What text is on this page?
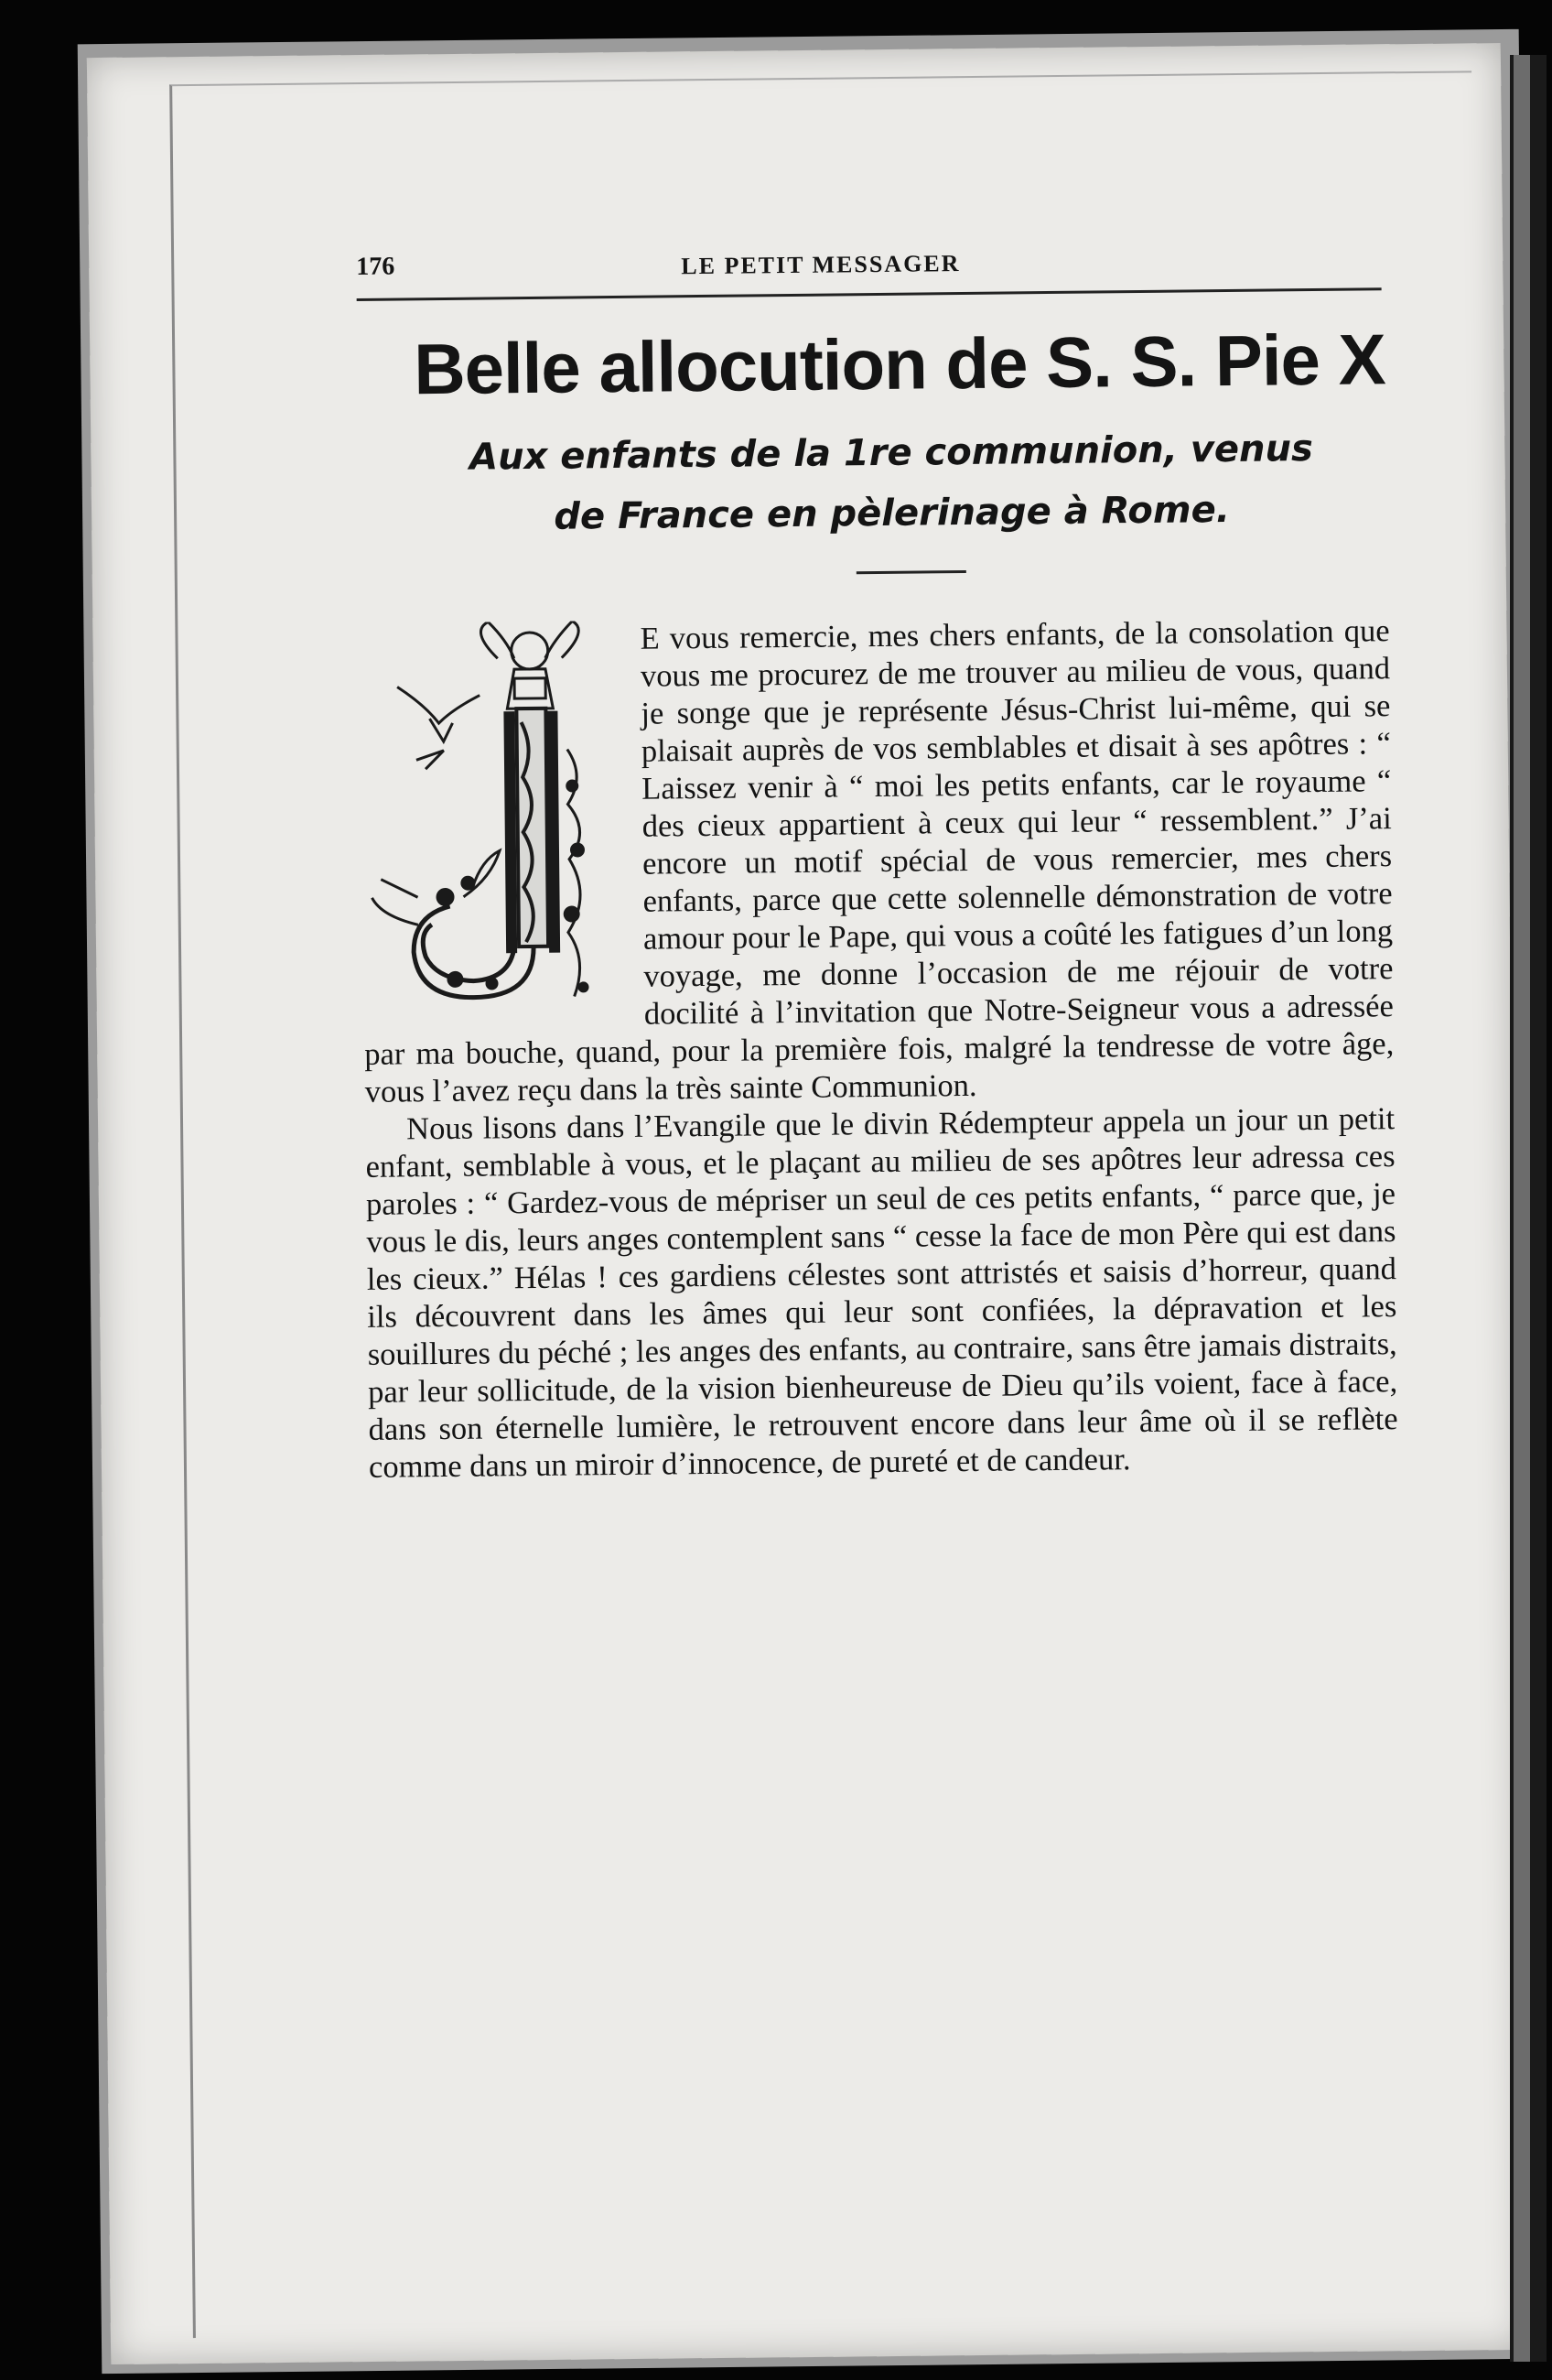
176	LE PETIT MESSAGER
Belle allocution de S. S. Pie X
Aux enfants de la 1re communion, venus
de France en pèlerinage à Rome.

E vous remercie, mes chers enfants, de la consolation que vous me procurez de me trouver au milieu de vous, quand je songe que je représente Jésus-Christ lui-même, qui se plaisait auprès de vos semblables et disait à ses apôtres : “ Laissez venir à “ moi les petits enfants, car le royaume “ des cieux appartient à ceux qui leur “ ressemblent.” J’ai encore un motif spécial de vous remercier, mes chers enfants, parce que cette solennelle démonstration de votre amour pour le Pape, qui vous a coûté les fatigues d’un long voyage, me donne l’occasion de me réjouir de votre docilité à l’invitation que Notre-Seigneur vous a adressée par ma bouche, quand, pour la première fois, malgré la tendresse de votre âge, vous l’avez reçu dans la très sainte Communion.

Nous lisons dans l’Evangile que le divin Rédempteur appela un jour un petit enfant, semblable à vous, et le plaçant au milieu de ses apôtres leur adressa ces paroles : “ Gardez-vous de mépriser un seul de ces petits enfants, “ parce que, je vous le dis, leurs anges contemplent sans “ cesse la face de mon Père qui est dans les cieux.” Hélas ! ces gardiens célestes sont attristés et saisis d’horreur, quand ils découvrent dans les âmes qui leur sont confiées, la dépravation et les souillures du péché ; les anges des enfants, au contraire, sans être jamais distraits, par leur sollicitude, de la vision bienheureuse de Dieu qu’ils voient, face à face, dans son éternelle lumière, le retrouvent encore dans leur âme où il se reflète comme dans un miroir d’innocence, de pureté et de candeur.
